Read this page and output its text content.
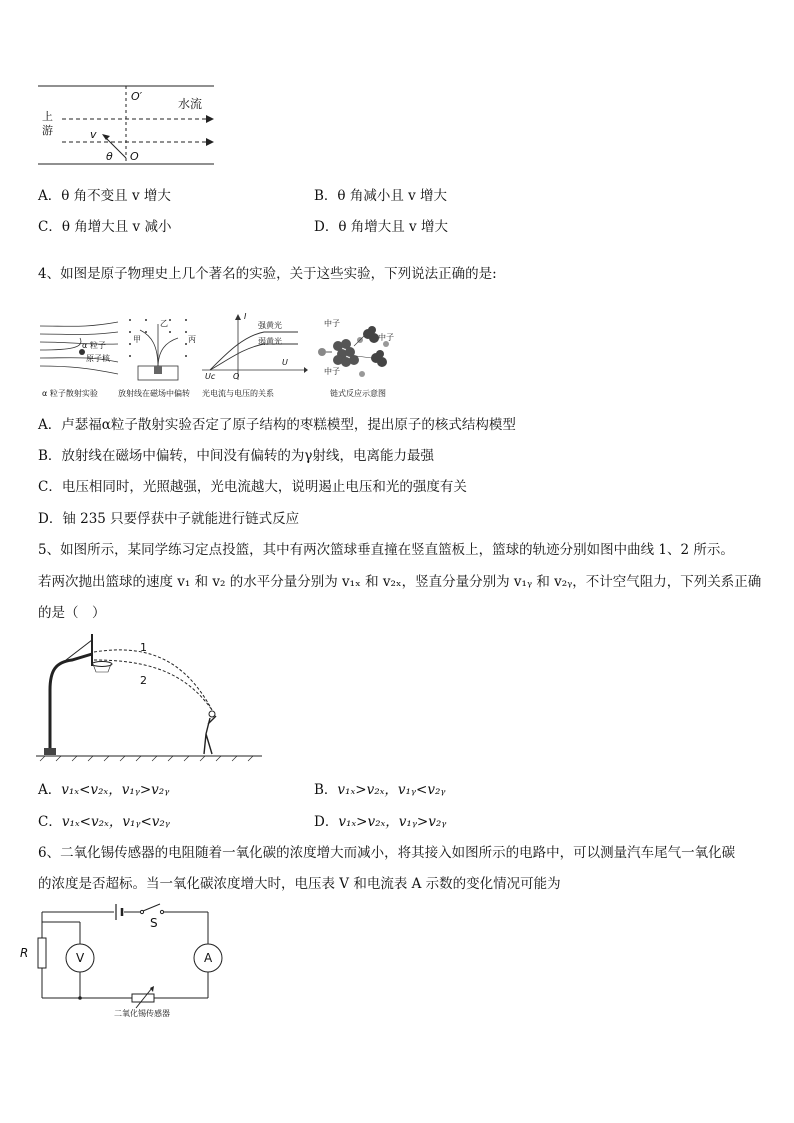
O′
水流
上
游	v
θ O
A．θ 角不变且 v 增大	B．θ 角减小且 v 增大
C．θ 角增大且 v 减小	D．θ 角增大且 v 增大
4、如图是原子物理史上几个著名的实验，关于这些实验，下列说法正确的是:
α 粒子
原子核
α 粒子散射实验
甲
乙
丙
放射线在磁场中偏转
I
强黄光
弱黄光
U
O
Uc
光电流与电压的关系
中子
中子
中子
链式反应示意图
A．卢瑟福α粒子散射实验否定了原子结构的枣糕模型，提出原子的核式结构模型
B．放射线在磁场中偏转，中间没有偏转的为γ射线，电离能力最强
C．电压相同时，光照越强，光电流越大，说明遏止电压和光的强度有关
D．铀 235 只要俘获中子就能进行链式反应
5、如图所示，某同学练习定点投篮，其中有两次篮球垂直撞在竖直篮板上，篮球的轨迹分别如图中曲线 1、2 所示。
若两次抛出篮球的速度 v₁ 和 v₂ 的水平分量分别为 v₁ₓ 和 v₂ₓ，竖直分量分别为 v₁ᵧ 和 v₂ᵧ，不计空气阻力，下列关系正确
的是（　）
1
2
A．v₁ₓ<v₂ₓ，v₁ᵧ>v₂ᵧ	B．v₁ₓ>v₂ₓ，v₁ᵧ<v₂ᵧ
C．v₁ₓ<v₂ₓ，v₁ᵧ<v₂ᵧ	D．v₁ₓ>v₂ₓ，v₁ᵧ>v₂ᵧ
6、二氧化锡传感器的电阻随着一氧化碳的浓度增大而减小，将其接入如图所示的电路中，可以测量汽车尾气一氧化碳
的浓度是否超标。当一氧化碳浓度增大时，电压表 V 和电流表 A 示数的变化情况可能为
S
R	V	A
二氧化锡传感器
